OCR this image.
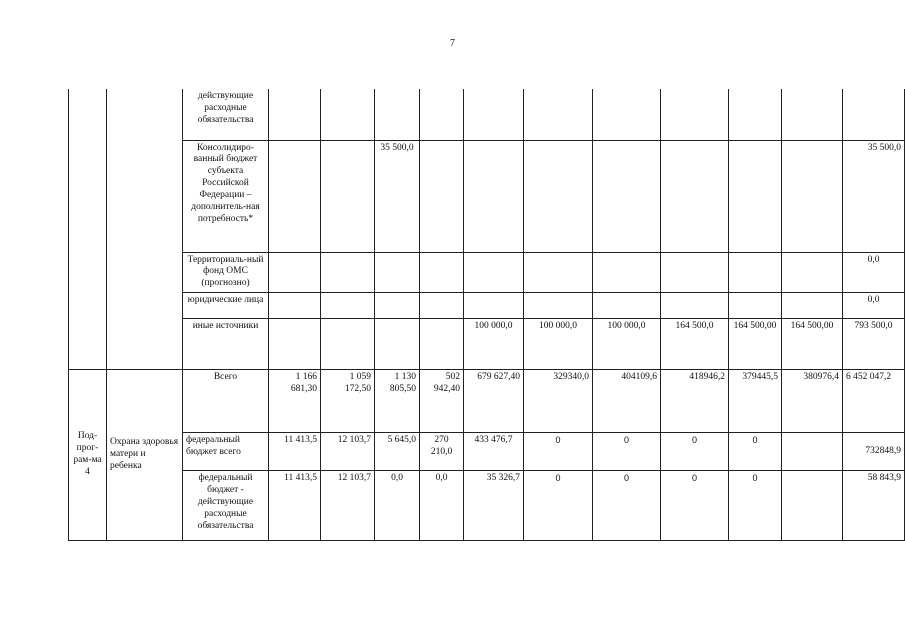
7
		действующие расходные обязательства											
		Консолидиро-ванный бюджет субъекта Российской Федерации – дополнитель-ная потребность*			35 500,0								35 500,0
		Территориаль-ный фонд ОМС (прогнозно)											0,0
		юридические лица											0,0
		иные источники					100 000,0	100 000,0	100 000,0	164 500,0	164 500,00	164 500,00	793 500,0
Под-прог-рам-ма 4	Охрана здоровья матери и ребенка	Всего	1 166 681,30	1 059 172,50	1 130 805,50	502 942,40	679 627,40	329340,0	404109,6	418946,2	379445,5	380976,4	6 452 047,2
		федеральный бюджет всего	11 413,5	12 103,7	5 645,0	270 210,0	433 476,7	0	0	0	0		732848,9
		федеральный бюджет - действующие расходные обязательства	11 413,5	12 103,7	0,0	0,0	35 326,7	0	0	0	0		58 843,9
